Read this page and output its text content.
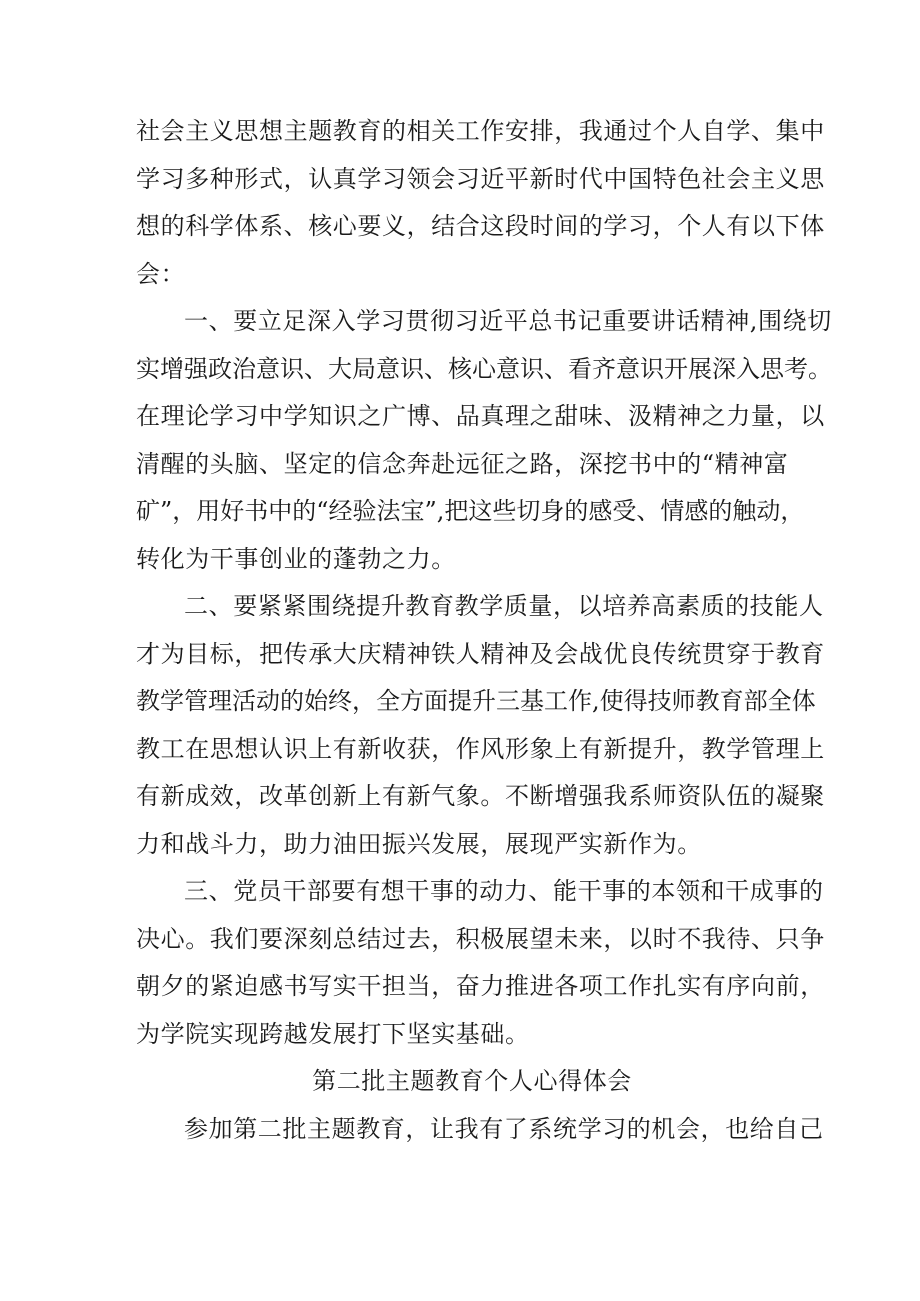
社会主义思想主题教育的相关工作安排，我通过个人自学、集中
学习多种形式，认真学习领会习近平新时代中国特色社会主义思
想的科学体系、核心要义，结合这段时间的学习，个人有以下体
会：
一、要立足深入学习贯彻习近平总书记重要讲话精神,围绕切
实增强政治意识、大局意识、核心意识、看齐意识开展深入思考。
在理论学习中学知识之广博、品真理之甜味、汲精神之力量，以
清醒的头脑、坚定的信念奔赴远征之路，深挖书中的“精神富
矿”，用好书中的“经验法宝”,把这些切身的感受、情感的触动，
转化为干事创业的蓬勃之力。
二、要紧紧围绕提升教育教学质量，以培养高素质的技能人
才为目标，把传承大庆精神铁人精神及会战优良传统贯穿于教育
教学管理活动的始终，全方面提升三基工作,使得技师教育部全体
教工在思想认识上有新收获，作风形象上有新提升，教学管理上
有新成效，改革创新上有新气象。不断增强我系师资队伍的凝聚
力和战斗力，助力油田振兴发展，展现严实新作为。
三、党员干部要有想干事的动力、能干事的本领和干成事的
决心。我们要深刻总结过去，积极展望未来，以时不我待、只争
朝夕的紧迫感书写实干担当，奋力推进各项工作扎实有序向前，
为学院实现跨越发展打下坚实基础。
第二批主题教育个人心得体会
参加第二批主题教育，让我有了系统学习的机会，也给自己
